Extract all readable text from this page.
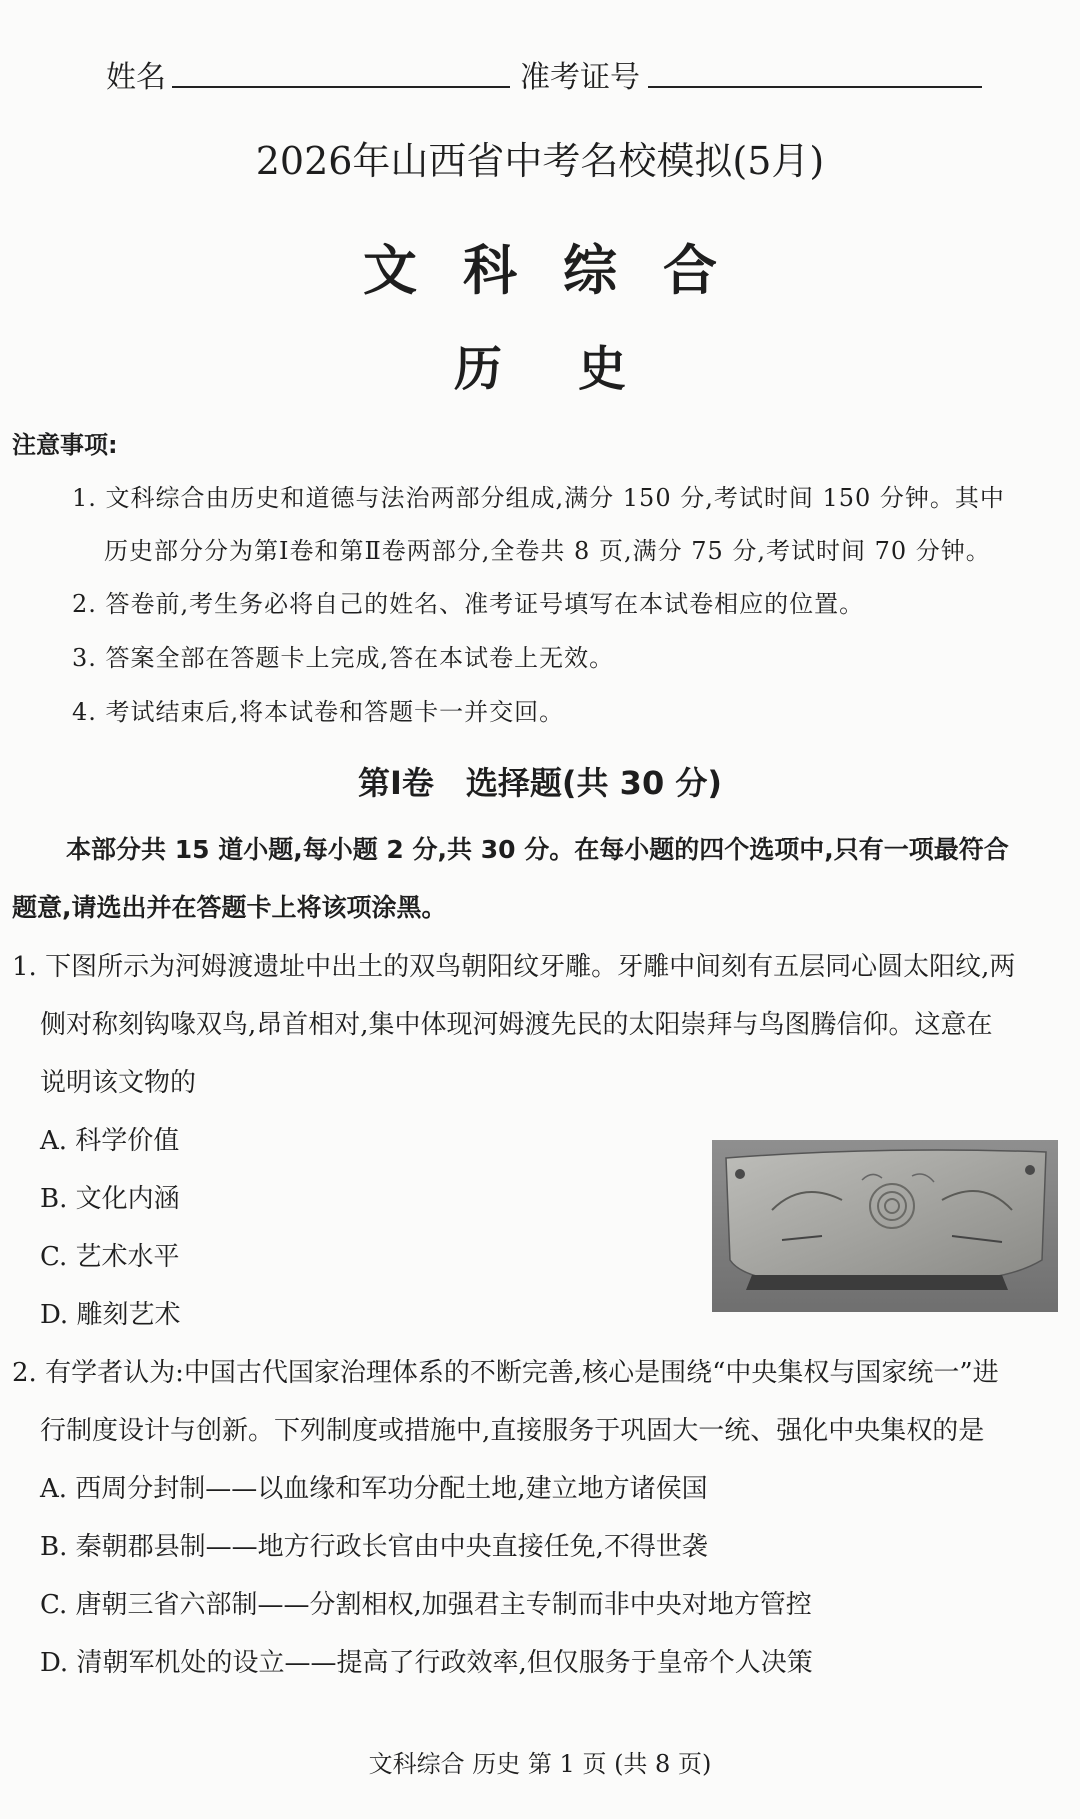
姓名	准考证号
2026年山西省中考名校模拟(5月)
文科综合
历史
注意事项:
1. 文科综合由历史和道德与法治两部分组成,满分 150 分,考试时间 150 分钟。其中
历史部分分为第Ⅰ卷和第Ⅱ卷两部分,全卷共 8 页,满分 75 分,考试时间 70 分钟。
2. 答卷前,考生务必将自己的姓名、准考证号填写在本试卷相应的位置。
3. 答案全部在答题卡上完成,答在本试卷上无效。
4. 考试结束后,将本试卷和答题卡一并交回。
第Ⅰ卷　选择题(共 30 分)
本部分共 15 道小题,每小题 2 分,共 30 分。在每小题的四个选项中,只有一项最符合
题意,请选出并在答题卡上将该项涂黑。
1. 下图所示为河姆渡遗址中出土的双鸟朝阳纹牙雕。牙雕中间刻有五层同心圆太阳纹,两
侧对称刻钩喙双鸟,昂首相对,集中体现河姆渡先民的太阳崇拜与鸟图腾信仰。这意在
说明该文物的
A. 科学价值
B. 文化内涵
C. 艺术水平
D. 雕刻艺术
2. 有学者认为:中国古代国家治理体系的不断完善,核心是围绕“中央集权与国家统一”进
行制度设计与创新。下列制度或措施中,直接服务于巩固大一统、强化中央集权的是
A. 西周分封制——以血缘和军功分配土地,建立地方诸侯国
B. 秦朝郡县制——地方行政长官由中央直接任免,不得世袭
C. 唐朝三省六部制——分割相权,加强君主专制而非中央对地方管控
D. 清朝军机处的设立——提高了行政效率,但仅服务于皇帝个人决策
文科综合 历史 第 1 页 (共 8 页)
